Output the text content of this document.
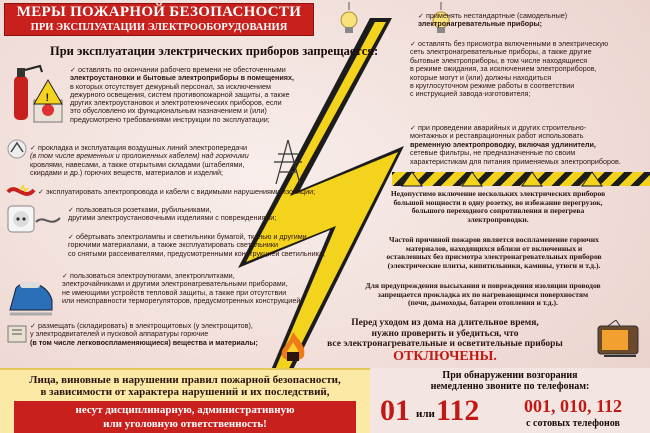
МЕРЫ ПОЖАРНОЙ БЕЗОПАСНОСТИ
ПРИ ЭКСПЛУАТАЦИИ ЭЛЕКТРООБОРУДОВАНИЯ
При эксплуатации электрических приборов запрещается:
!
✓ оставлять по окончании рабочего времени не обесточенными
электроустановки и бытовые электроприборы в помещениях,
в которых отсутствует дежурный персонал, за исключением
дежурного освещения, систем противопожарной защиты, а также
других электроустановок и электротехнических приборов, если
это обусловлено их функциональным назначением и (или)
предусмотрено требованиями инструкции по эксплуатации;
✓ прокладка и эксплуатация воздушных линий электропередачи
(в том числе временных и проложенных кабелем) над горючими
кровлями, навесами, а также открытыми складами (штабелями,
скирдами и др.) горючих веществ, материалов и изделий;
✓ эксплуатировать электропровода и кабели с видимыми нарушениями изоляции;
✓ пользоваться розетками, рубильниками,
другими электроустановочными изделиями с повреждениями;
✓ обёртывать электролампы и светильники бумагой, тканью и другими
горючими материалами, а также эксплуатировать светильники
со снятыми рассеивателями, предусмотренными конструкцией светильника;
✓ пользоваться электроутюгами, электроплитками,
электрочайниками и другими электронагревательными приборами,
не имеющими устройств тепловой защиты, а также при отсутствии
или неисправности терморегуляторов, предусмотренных конструкцией;
✓ размещать (складировать) в электрощитовых (у электрощитов),
у электродвигателей и пусковой аппаратуры горючие
(в том числе легковоспламеняющиеся) вещества и материалы;
✓ применять нестандартные (самодельные)
электронагревательные приборы;
✓ оставлять без присмотра включенными в электрическую
сеть электронагревательные приборы, а также другие
бытовые электроприборы, в том числе находящиеся
в режиме ожидания, за исключением электроприборов,
которые могут и (или) должны находиться
в круглосуточном режиме работы в соответствии
с инструкцией завода-изготовителя;
✓ при проведении аварийных и других строительно-
монтажных и реставрационных работ использовать
временную электропроводку, включая удлинители,
сетевые фильтры, не предназначенные по своим
характеристикам для питания применяемых электроприборов.
Недопустимо включение нескольких электрических приборов
большой мощности в одну розетку, во избежание перегрузок,
большого переходного сопротивления и перегрева
электропроводки.
Частой причиной пожаров является воспламенение горючих
материалов, находящихся вблизи от включенных и
оставленных без присмотра электронагревательных приборов
(электрические плиты, кипятильники, камины, утюги и т.д.).
Для предупреждения высыхания и повреждения изоляции проводов
запрещается прокладка их по нагревающимся поверхностям
(печи, дымоходы, батареи отопления и т.д.).
Перед уходом из дома на длительное время,
нужно проверить и убедиться, что
все электронагревательные и осветительные приборы
ОТКЛЮЧЕНЫ.
Лица, виновные в нарушении правил пожарной безопасности,
в зависимости от характера нарушений и их последствий,
несут дисциплинарную, административную
или уголовную ответственность!
При обнаружении возгорания
немедленно звоните по телефонам:
01 или 112	001, 010, 112
с сотовых телефонов
